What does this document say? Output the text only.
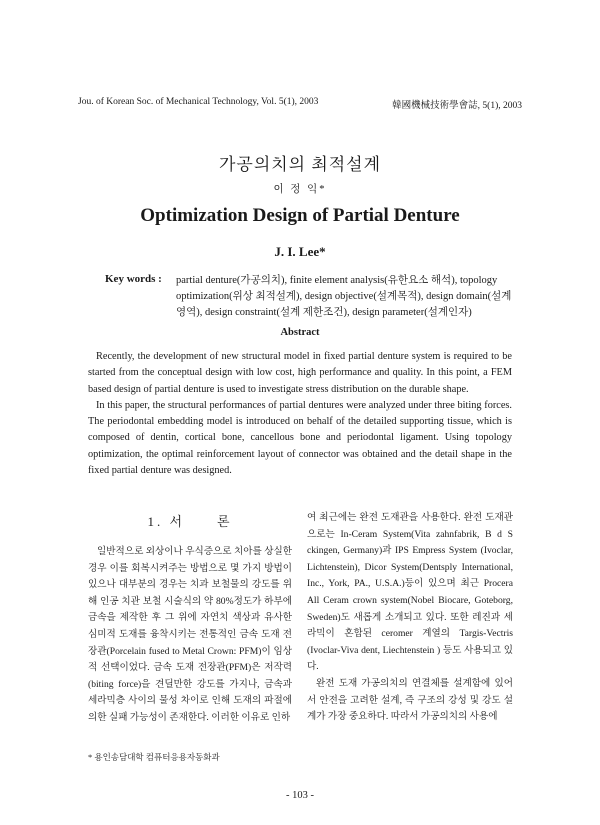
Jou. of Korean Soc. of Mechanical Technology, Vol. 5(1), 2003	韓國機械技術學會誌, 5(1), 2003
가공의치의 최적설계
이 정 익*
Optimization Design of Partial Denture
J. I. Lee*
Key words : partial denture(가공의치), finite element analysis(유한요소 해석), topology optimization(위상 최적설계), design objective(설계목적), design domain(설계영역), design constraint(설계 제한조건), design parameter(설계인자)
Abstract

Recently, the development of new structural model in fixed partial denture system is required to be started from the conceptual design with low cost, high performance and quality. In this point, a FEM based design of partial denture is used to investigate stress distribution on the durable shape.

In this paper, the structural performances of partial dentures were analyzed under three biting forces. The periodontal embedding model is introduced on behalf of the detailed supporting tissue, which is composed of dentin, cortical bone, cancellous bone and periodontal ligament. Using topology optimization, the optimal reinforcement layout of connector was obtained and the detail shape in the fixed partial denture was designed.

1. 서　　론

일반적으로 외상이나 우식증으로 치아를 상실한 경우 이를 회복시켜주는 방법으로 몇 가지 방법이 있으나 대부분의 경우는 치과 보철물의 강도를 위해 인공 치관 보철 시술식의 약 80%정도가 하부에 금속을 제작한 후 그 위에 자연치 색상과 유사한 심미적 도재를 융착시키는 전통적인 금속 도재 전장관(Porcelain fused to Metal Crown: PFM)이 임상적 선택이었다. 금속 도재 전장관(PFM)은 저작력(biting force)을 견딜만한 강도를 가지나, 금속과 세라믹층 사이의 물성 차이로 인해 도재의 파절에 의한 실패 가능성이 존재한다. 이러한 이유로 인하

여 최근에는 완전 도재관을 사용한다. 완전 도재관으로는 In-Ceram System(Vita zahnfabrik, B d S ckingen, Germany)과 IPS Empress System (Ivoclar, Lichtenstein), Dicor System(Dentsply International, Inc., York, PA., U.S.A.)등이 있으며 최근 Procera All Ceram crown system(Nobel Biocare, Goteborg, Sweden)도 새롭게 소개되고 있다. 또한 레진과 세라믹이 혼합된 ceromer 계열의 Targis-Vectris (Ivoclar-Viva dent, Liechtenstein ) 등도 사용되고 있다.

완전 도재 가공의치의 연결체를 설계함에 있어서 안전을 고려한 설계, 즉 구조의 강성 및 강도 설계가 가장 중요하다. 따라서 가공의치의 사용에

* 용인송담대학 컴퓨터응용자동화과
- 103 -
